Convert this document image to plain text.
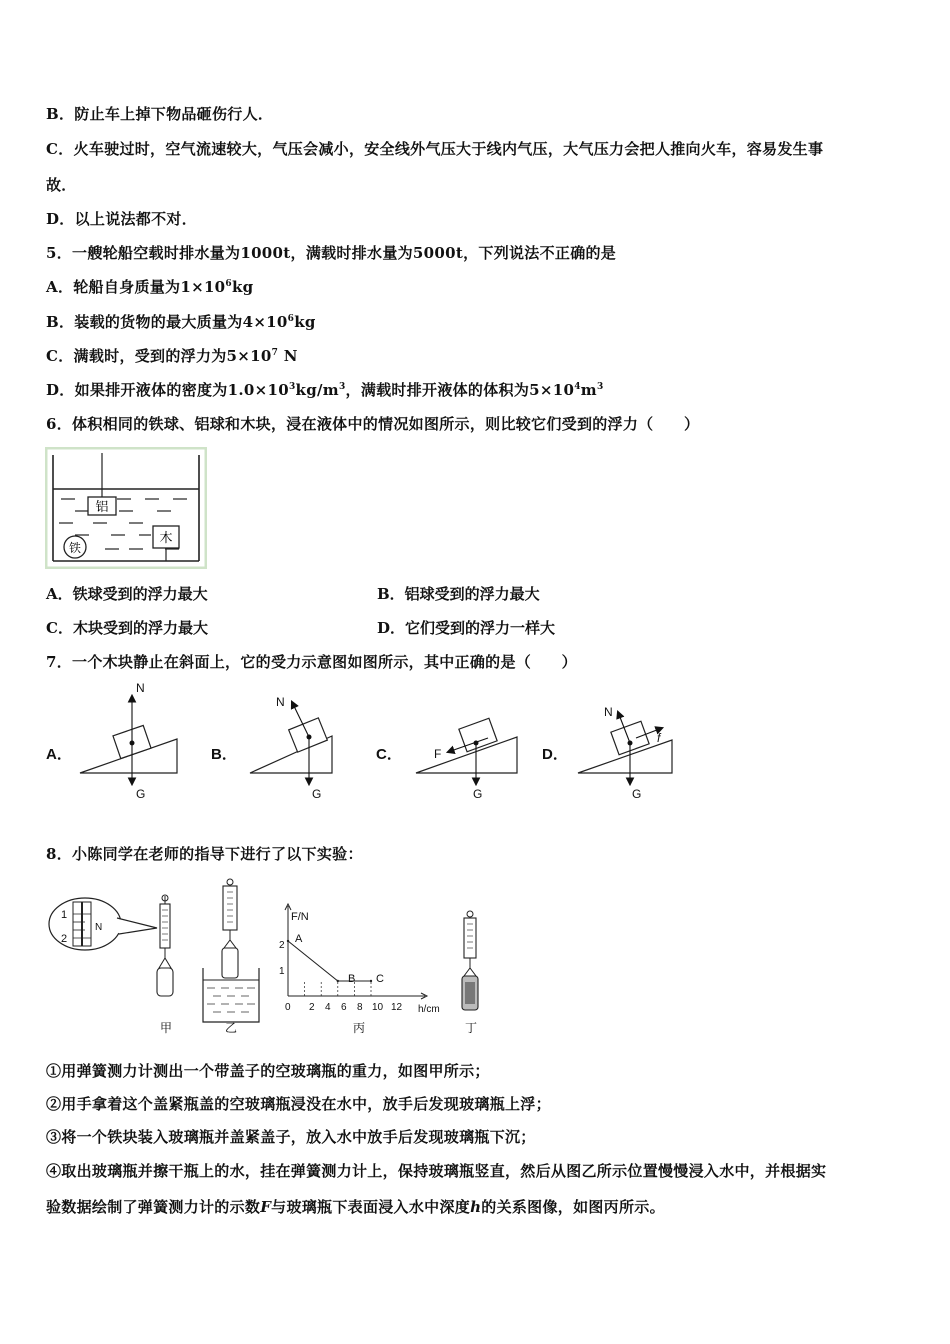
B．防止车上掉下物品砸伤行人．
C．火车驶过时，空气流速较大，气压会减小，安全线外气压大于线内气压，大气压力会把人推向火车，容易发生事
故．
D．以上说法都不对．
5．一艘轮船空载时排水量为1000t，满载时排水量为5000t，下列说法不正确的是
A．轮船自身质量为$1\times 10^6kg$
B．装载的货物的最大质量为$4\times 10^6kg$
C．满载时，受到的浮力为$5\times 10^7$ N
D．如果排开液体的密度为$1.0\times 10^3kg/m^3$，满载时排开液体的体积为$5\times 10^4m^3$
6．体积相同的铁球、铝球和木块，浸在液体中的情况如图所示，则比较它们受到的浮力（　　）
铝
铁
木
A．铁球受到的浮力最大	B．铝球受到的浮力最大
C．木块受到的浮力最大	D．它们受到的浮力一样大
7．一个木块静止在斜面上，它的受力示意图如图所示，其中正确的是（　　）
A．
N
G
B．
N
G
C．	F
G
D．
N
f
G
8．小陈同学在老师的指导下进行了以下实验：
1
2
N
甲	乙
F/N
h/cm
2
1
0 2 4 6 8 10 12
A
B C
丙	丁
①用弹簧测力计测出一个带盖子的空玻璃瓶的重力，如图甲所示；
②用手拿着这个盖紧瓶盖的空玻璃瓶浸没在水中，放手后发现玻璃瓶上浮；
③将一个铁块装入玻璃瓶并盖紧盖子，放入水中放手后发现玻璃瓶下沉；
④取出玻璃瓶并擦干瓶上的水，挂在弹簧测力计上，保持玻璃瓶竖直，然后从图乙所示位置慢慢浸入水中，并根据实
验数据绘制了弹簧测力计的示数F与玻璃瓶下表面浸入水中深度h的关系图像，如图丙所示。
